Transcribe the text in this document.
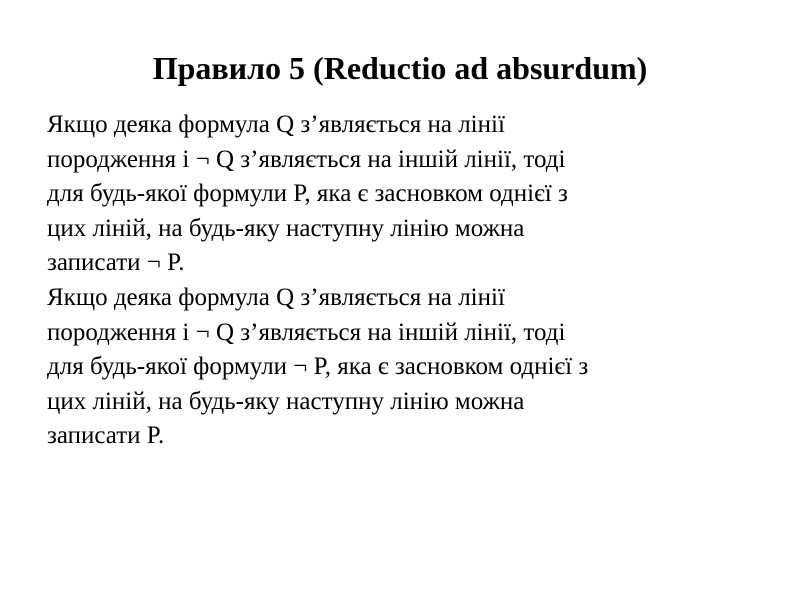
Правило 5 (Reductio ad absurdum)
Якщо деяка формула Q з’являється на лінії
породження і ¬ Q з’являється на іншій лінії, тоді
для будь-якої формули P, яка є засновком однієї з
цих ліній, на будь-яку наступну лінію можна
записати ¬ P.
Якщо деяка формула Q з’являється на лінії
породження і ¬ Q з’являється на іншій лінії, тоді
для будь-якої формули ¬ P, яка є засновком однієї з
цих ліній, на будь-яку наступну лінію можна
записати P.
